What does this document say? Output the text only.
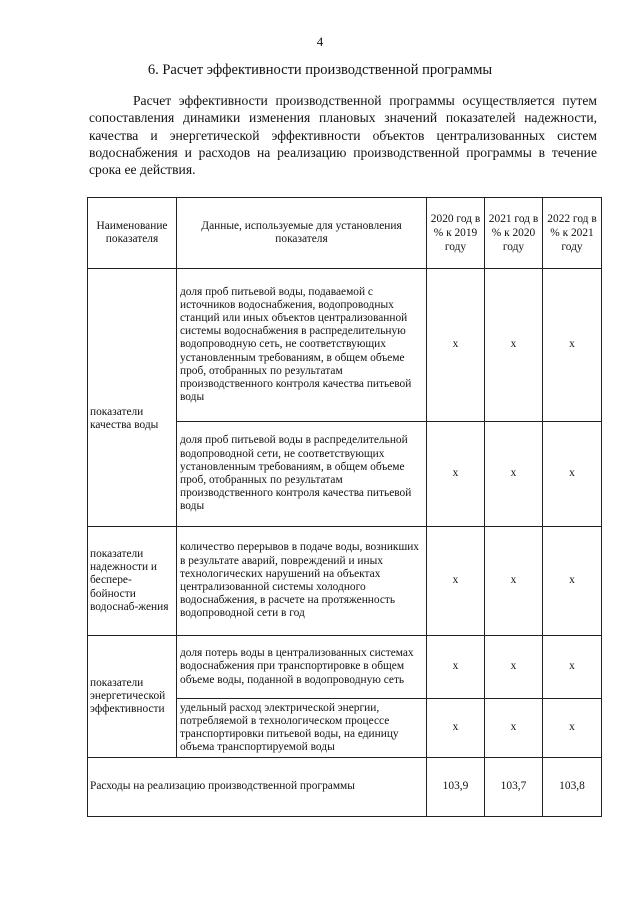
4
6. Расчет эффективности производственной программы
Расчет эффективности производственной программы осуществляется путем сопоставления динамики изменения плановых значений показателей надежности, качества и энергетической эффективности объектов централизованных систем водоснабжения и расходов на реализацию производственной программы в течение срока ее действия.
Наименование показателя	Данные, используемые для установления показателя	2020 год в % к 2019 году	2021 год в % к 2020 году	2022 год в % к 2021 году

показатели качества воды	доля проб питьевой воды, подаваемой с источников водоснабжения, водопроводных станций или иных объектов централизованной системы водоснабжения в распределительную водопроводную сеть, не соответствующих установленным требованиям, в общем объеме проб, отобранных по результатам производственного контроля качества питьевой воды	x	x	x
	доля проб питьевой воды в распределительной водопроводной сети, не соответствующих установленным требованиям, в общем объеме проб, отобранных по результатам производственного контроля качества питьевой воды	x	x	x
показатели надежности и беспере-бойности водоснаб-жения	количество перерывов в подаче воды, возникших в результате аварий, повреждений и иных технологических нарушений на объектах централизованной системы холодного водоснабжения, в расчете на протяженность водопроводной сети в год	x	x	x
показатели энергетической эффективности	доля потерь воды в централизованных системах водоснабжения при транспортировке в общем объеме воды, поданной в водопроводную сеть	x	x	x
	удельный расход электрической энергии, потребляемой в технологическом процессе транспортировки питьевой воды, на единицу объема транспортируемой воды	x	x	x
Расходы на реализацию производственной программы		103,9	103,7	103,8
